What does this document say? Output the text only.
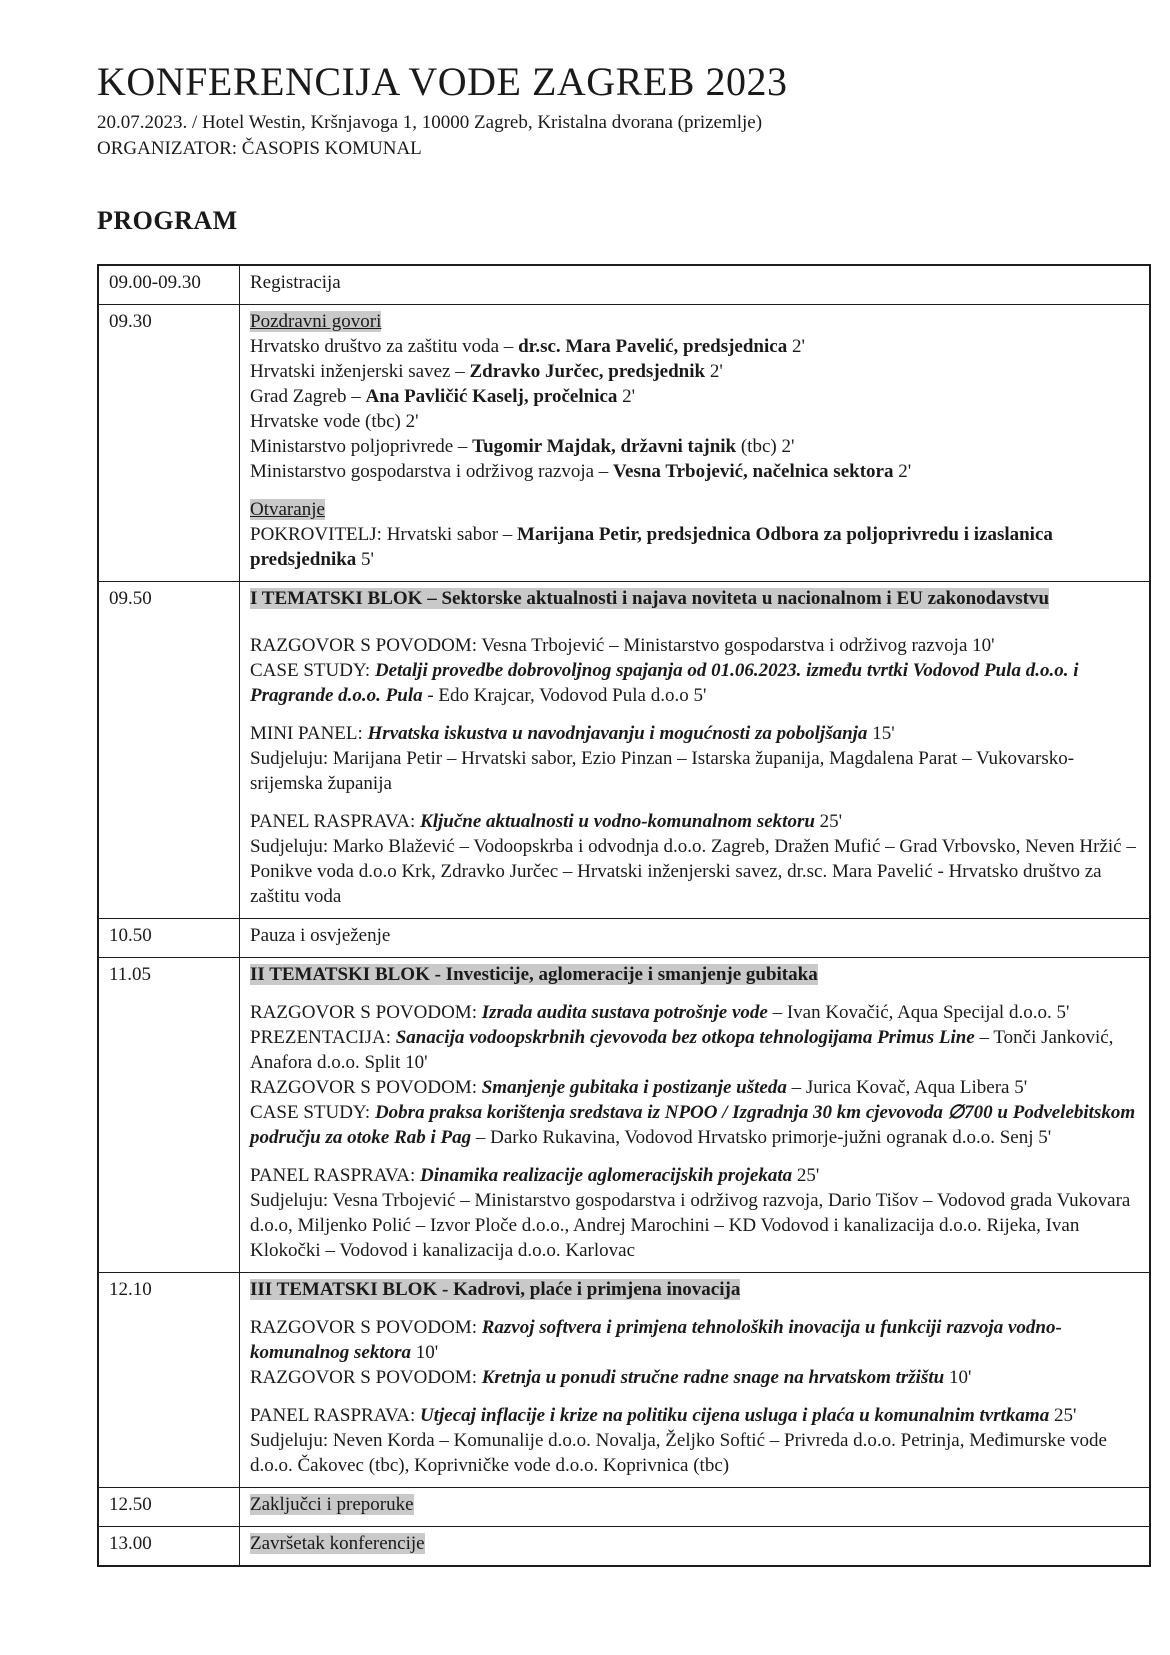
KONFERENCIJA VODE ZAGREB 2023

20.07.2023. / Hotel Westin, Kršnjavoga 1, 10000 Zagreb, Kristalna dvorana (prizemlje)

ORGANIZATOR: ČASOPIS KOMUNAL

PROGRAM
09.00-09.30	Registracija
09.30	Pozdravni govori
Hrvatsko društvo za zaštitu voda – dr.sc. Mara Pavelić, predsjednica 2'
Hrvatski inženjerski savez – Zdravko Jurčec, predsjednik 2'
Grad Zagreb – Ana Pavličić Kaselj, pročelnica 2'
Hrvatske vode (tbc) 2'
Ministarstvo poljoprivrede – Tugomir Majdak, državni tajnik (tbc) 2'
Ministarstvo gospodarstva i održivog razvoja – Vesna Trbojević, načelnica sektora 2'
Otvaranje
POKROVITELJ: Hrvatski sabor – Marijana Petir, predsjednica Odbora za poljoprivredu i izaslanica predsjednika 5'
09.50	I TEMATSKI BLOK – Sektorske aktualnosti i najava noviteta u nacionalnom i EU zakonodavstvu
RAZGOVOR S POVODOM: Vesna Trbojević – Ministarstvo gospodarstva i održivog razvoja 10'
CASE STUDY: Detalji provedbe dobrovoljnog spajanja od 01.06.2023. između tvrtki Vodovod Pula d.o.o. i Pragrande d.o.o. Pula - Edo Krajcar, Vodovod Pula d.o.o 5'
MINI PANEL: Hrvatska iskustva u navodnjavanju i mogućnosti za poboljšanja 15'
Sudjeluju: Marijana Petir – Hrvatski sabor, Ezio Pinzan – Istarska županija, Magdalena Parat – Vukovarsko-srijemska županija
PANEL RASPRAVA: Ključne aktualnosti u vodno-komunalnom sektoru 25'
Sudjeluju: Marko Blažević – Vodoopskrba i odvodnja d.o.o. Zagreb, Dražen Mufić – Grad Vrbovsko, Neven Hržić – Ponikve voda d.o.o Krk, Zdravko Jurčec – Hrvatski inženjerski savez, dr.sc. Mara Pavelić - Hrvatsko društvo za zaštitu voda
10.50	Pauza i osvježenje
11.05	II TEMATSKI BLOK - Investicije, aglomeracije i smanjenje gubitaka
RAZGOVOR S POVODOM: Izrada audita sustava potrošnje vode – Ivan Kovačić, Aqua Specijal d.o.o. 5'
PREZENTACIJA: Sanacija vodoopskrbnih cjevovoda bez otkopa tehnologijama Primus Line – Tonči Janković, Anafora d.o.o. Split 10'
RAZGOVOR S POVODOM: Smanjenje gubitaka i postizanje ušteda – Jurica Kovač, Aqua Libera 5'
CASE STUDY: Dobra praksa korištenja sredstava iz NPOO / Izgradnja 30 km cjevovoda ∅700 u Podvelebitskom području za otoke Rab i Pag – Darko Rukavina, Vodovod Hrvatsko primorje-južni ogranak d.o.o. Senj 5'
PANEL RASPRAVA: Dinamika realizacije aglomeracijskih projekata 25'
Sudjeluju: Vesna Trbojević – Ministarstvo gospodarstva i održivog razvoja, Dario Tišov – Vodovod grada Vukovara d.o.o, Miljenko Polić – Izvor Ploče d.o.o., Andrej Marochini – KD Vodovod i kanalizacija d.o.o. Rijeka, Ivan Klokočki – Vodovod i kanalizacija d.o.o. Karlovac
12.10	III TEMATSKI BLOK - Kadrovi, plaće i primjena inovacija
RAZGOVOR S POVODOM: Razvoj softvera i primjena tehnoloških inovacija u funkciji razvoja vodno-komunalnog sektora 10'
RAZGOVOR S POVODOM: Kretnja u ponudi stručne radne snage na hrvatskom tržištu 10'
PANEL RASPRAVA: Utjecaj inflacije i krize na politiku cijena usluga i plaća u komunalnim tvrtkama 25'
Sudjeluju: Neven Korda – Komunalije d.o.o. Novalja, Željko Softić – Privreda d.o.o. Petrinja, Međimurske vode d.o.o. Čakovec (tbc), Koprivničke vode d.o.o. Koprivnica (tbc)
12.50	Zaključci i preporuke
13.00	Završetak konferencije
